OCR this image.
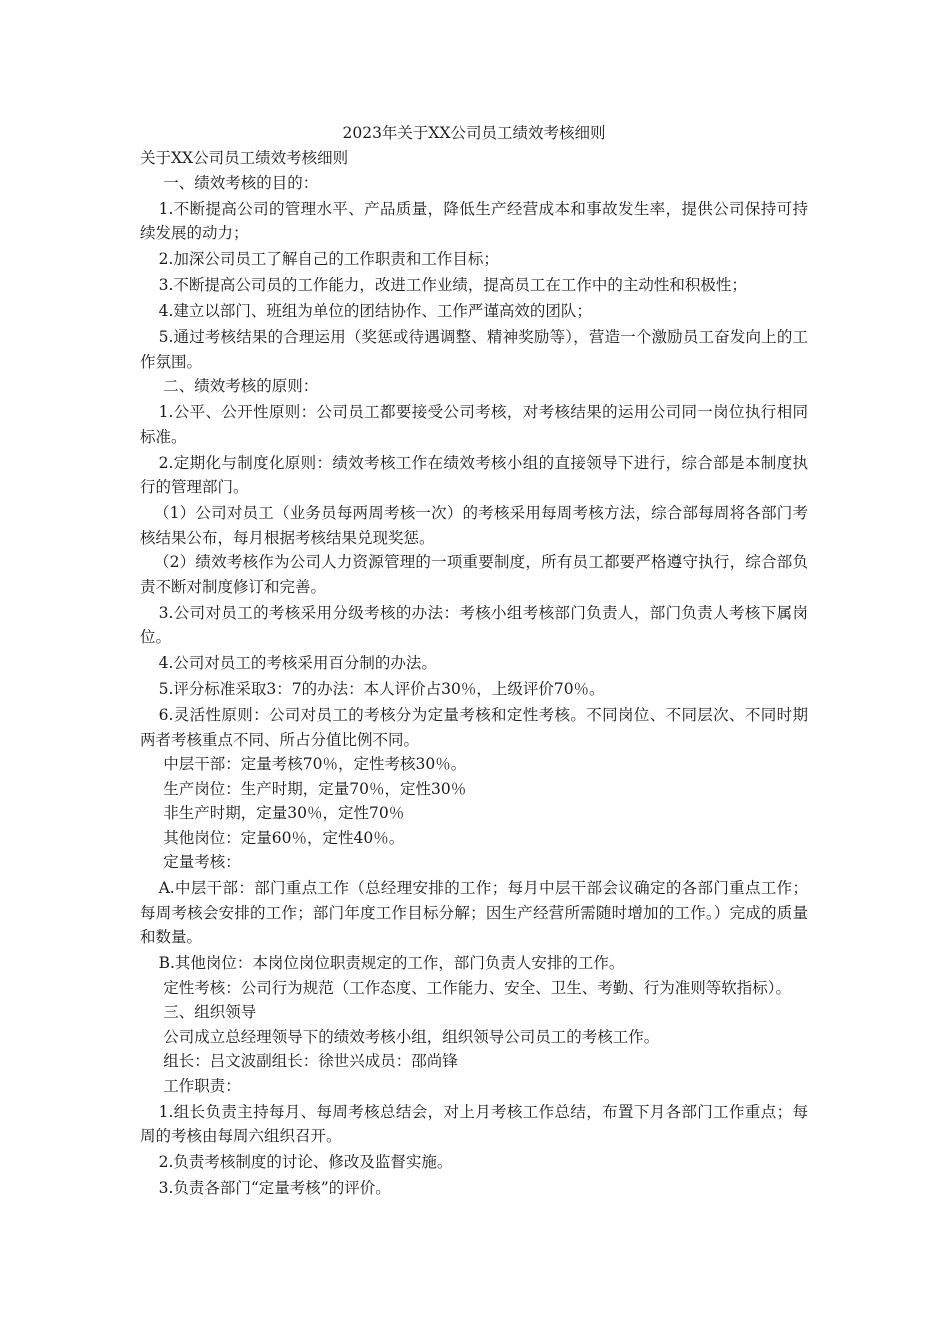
2023年关于XX公司员工绩效考核细则

关于XX公司员工绩效考核细则

一、绩效考核的目的：

1.不断提高公司的管理水平、产品质量，降低生产经营成本和事故发生率，提供公司保持可持续发展的动力；

2.加深公司员工了解自己的工作职责和工作目标；

3.不断提高公司员的工作能力，改进工作业绩，提高员工在工作中的主动性和积极性；

4.建立以部门、班组为单位的团结协作、工作严谨高效的团队；

5.通过考核结果的合理运用（奖惩或待遇调整、精神奖励等），营造一个激励员工奋发向上的工作氛围。

二、绩效考核的原则：

1.公平、公开性原则：公司员工都要接受公司考核，对考核结果的运用公司同一岗位执行相同标准。

2.定期化与制度化原则：绩效考核工作在绩效考核小组的直接领导下进行，综合部是本制度执行的管理部门。

（1）公司对员工（业务员每两周考核一次）的考核采用每周考核方法，综合部每周将各部门考核结果公布，每月根据考核结果兑现奖惩。

（2）绩效考核作为公司人力资源管理的一项重要制度，所有员工都要严格遵守执行，综合部负责不断对制度修订和完善。

3.公司对员工的考核采用分级考核的办法：考核小组考核部门负责人，部门负责人考核下属岗位。

4.公司对员工的考核采用百分制的办法。

5.评分标准采取3：7的办法：本人评价占30％，上级评价70％。

6.灵活性原则：公司对员工的考核分为定量考核和定性考核。不同岗位、不同层次、不同时期两者考核重点不同、所占分值比例不同。

中层干部：定量考核70％，定性考核30％。

生产岗位：生产时期，定量70％，定性30％

非生产时期，定量30％，定性70％

其他岗位：定量60％，定性40％。

定量考核：

A.中层干部：部门重点工作（总经理安排的工作；每月中层干部会议确定的各部门重点工作；每周考核会安排的工作；部门年度工作目标分解；因生产经营所需随时增加的工作。）完成的质量和数量。

B.其他岗位：本岗位岗位职责规定的工作，部门负责人安排的工作。

定性考核：公司行为规范（工作态度、工作能力、安全、卫生、考勤、行为准则等软指标）。

三、组织领导

公司成立总经理领导下的绩效考核小组，组织领导公司员工的考核工作。

组长：吕文波副组长：徐世兴成员：邵尚锋

工作职责：

1.组长负责主持每月、每周考核总结会，对上月考核工作总结，布置下月各部门工作重点；每周的考核由每周六组织召开。

2.负责考核制度的讨论、修改及监督实施。

3.负责各部门“定量考核”的评价。
